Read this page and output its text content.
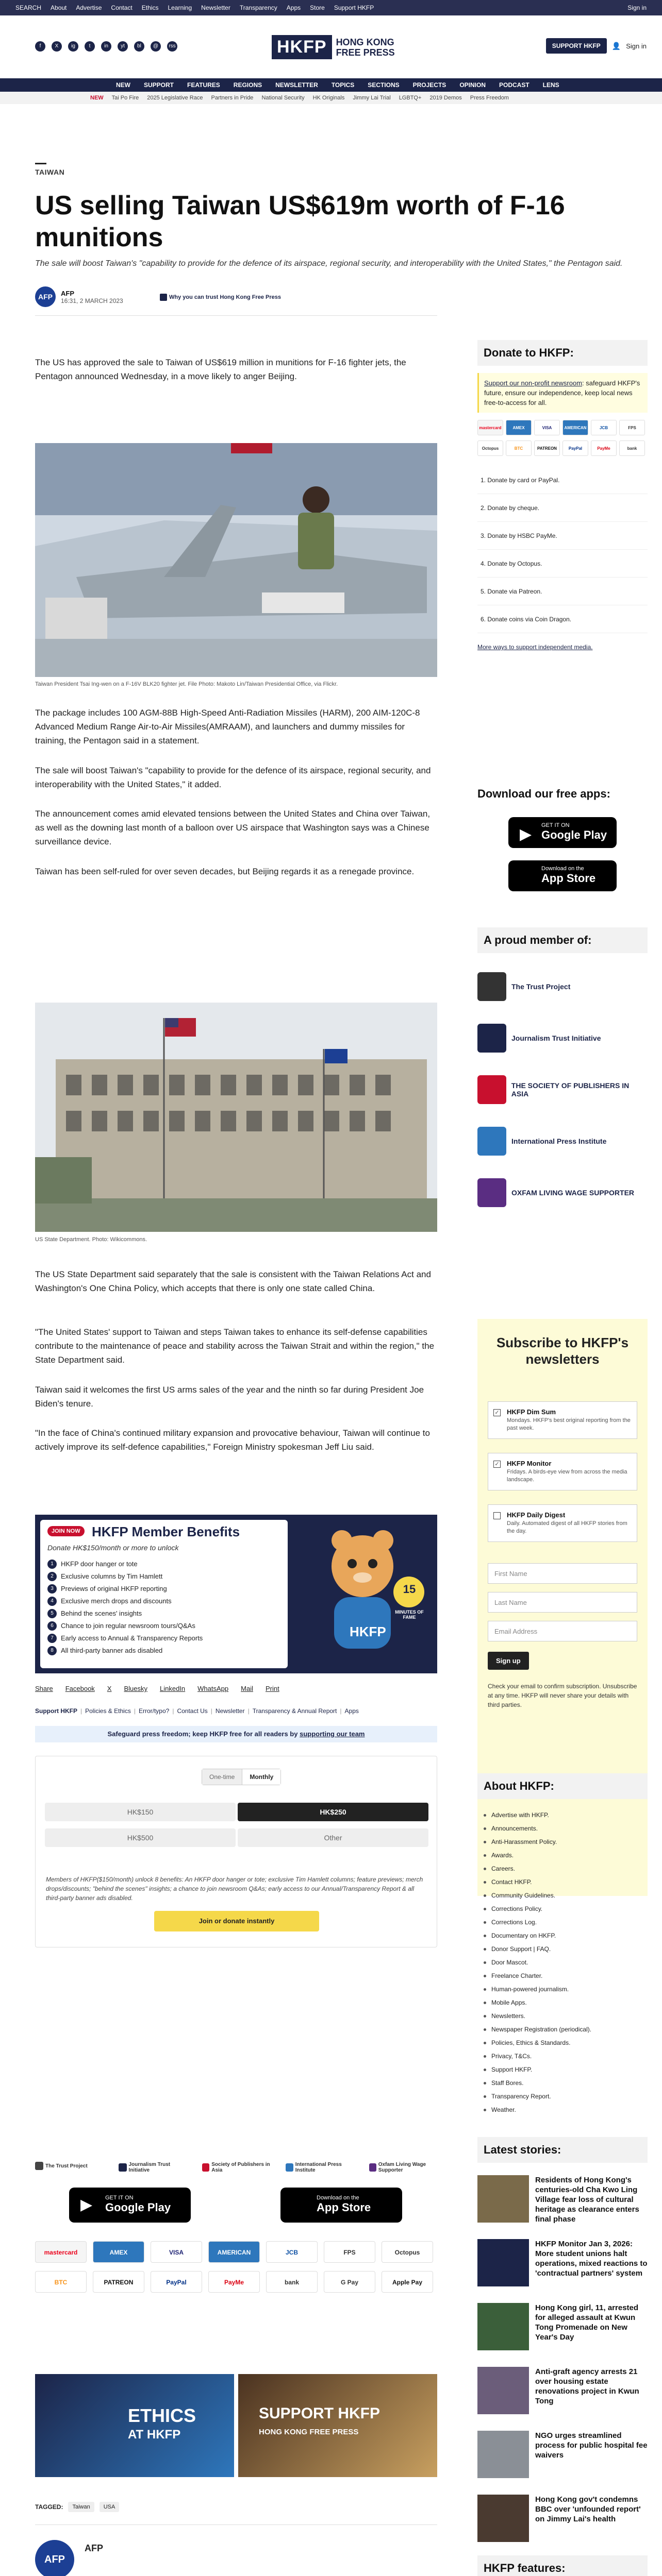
SEARCH About Advertise Contact Ethics Learning Newsletter Transparency Apps Store Support HKFP	Sign in
f	X	ig	t	in	yt	bl	@	rss	HKFP	HONG KONG
FREE PRESS
SUPPORT HKFP	👤 Sign in
NEW SUPPORT FEATURES REGIONS NEWSLETTER TOPICS SECTIONS PROJECTS OPINION PODCAST LENS
NEW Tai Po Fire 2025 Legislative Race Partners in Pride National Security HK Originals Jimmy Lai Trial LGBTQ+ 2019 Demos Press Freedom
TAIWAN
US selling Taiwan US$619m worth of F-16 munitions
The sale will boost Taiwan's "capability to provide for the defence of its airspace, regional security, and interoperability with the United States," the Pentagon said.
AFP	AFP
16:31, 2 MARCH 2023	Why you can trust Hong Kong Free Press
The US has approved the sale to Taiwan of US$619 million in munitions for F-16 fighter jets, the Pentagon announced Wednesday, in a move likely to anger Beijing.
Taiwan President Tsai Ing-wen on a F-16V BLK20 fighter jet. File Photo: Makoto Lin/Taiwan Presidential Office, via Flickr.
The package includes 100 AGM-88B High-Speed Anti-Radiation Missiles (HARM), 200 AIM-120C-8 Advanced Medium Range Air-to-Air Missiles(AMRAAM), and launchers and dummy missiles for training, the Pentagon said in a statement.
The sale will boost Taiwan's "capability to provide for the defence of its airspace, regional security, and interoperability with the United States," it added.
The announcement comes amid elevated tensions between the United States and China over Taiwan, as well as the downing last month of a balloon over US airspace that Washington says was a Chinese surveillance device.
Taiwan has been self-ruled for over seven decades, but Beijing regards it as a renegade province.
US State Department. Photo: Wikicommons.
The US State Department said separately that the sale is consistent with the Taiwan Relations Act and Washington's One China Policy, which accepts that there is only one state called China.
"The United States' support to Taiwan and steps Taiwan takes to enhance its self-defense capabilities contribute to the maintenance of peace and stability across the Taiwan Strait and within the region," the State Department said.
Taiwan said it welcomes the first US arms sales of the year and the ninth so far during President Joe Biden's tenure.
"In the face of China's continued military expansion and provocative behaviour, Taiwan will continue to actively improve its self-defence capabilities," Foreign Ministry spokesman Jeff Liu said.
JOIN NOW HKFP Member Benefits
Donate HK$150/month or more to unlock
1	HKFP door hanger or tote
2	Exclusive columns by Tim Hamlett
3	Previews of original HKFP reporting
4	Exclusive merch drops and discounts
5	Behind the scenes' insights
6	Chance to join regular newsroom tours/Q&As
7	Early access to Annual & Transparency Reports
8	All third-party banner ads disabled
15
MINUTES OF FAME
HKFP
Share Facebook X Bluesky LinkedIn WhatsApp Mail Print
Support HKFP | Policies & Ethics | Error/typo? | Contact Us | Newsletter | Transparency & Annual Report | Apps
Safeguard press freedom; keep HKFP free for all readers by supporting our team
One-time	Monthly
HK$150	HK$250
HK$500	Other
Members of HKFP($150/month) unlock 8 benefits: An HKFP door hanger or tote; exclusive Tim Hamlett columns; feature previews; merch drops/discounts; "behind the scenes" insights; a chance to join newsroom Q&As; early access to our Annual/Transparency Report & all third-party banner ads disabled.
Join or donate instantly
The Trust Project	Journalism Trust Initiative
Society of Publishers in Asia
International Press Institute
Oxfam Living Wage Supporter
▶ GET IT ON
Google Play
Download on the
App Store
mastercard	AMEX	VISA	AMERICAN	JCB	FPS	Octopus
BTC	PATREON	PayPal	PayMe	bank	G Pay	Apple Pay
ETHICS
AT HKFP
SUPPORT HKFP
HONG KONG FREE PRESS
TAGGED:	Taiwan	USA
AFP
AFP
Donate to HKFP:
Support our non-profit newsroom: safeguard HKFP's future, ensure our independence, keep local news free-to-access for all.
mastercard	AMEX	VISA	AMERICAN	JCB	FPS
Octopus	BTC	PATREON	PayPal	PayMe	bank
1. Donate by card or PayPal.
2. Donate by cheque.
3. Donate by HSBC PayMe.
4. Donate by Octopus.
5. Donate via Patreon.
6. Donate coins via Coin Dragon.
More ways to support independent media.
Download our free apps:
▶
GET IT ON
Google Play
Download on the
App Store
A proud member of:
The Trust Project
Journalism Trust Initiative
THE SOCIETY OF PUBLISHERS IN ASIA
International Press Institute
OXFAM LIVING WAGE SUPPORTER
Subscribe to HKFP's newsletters
✓ HKFP Dim Sum
Mondays. HKFP's best original reporting from the past week.
✓ HKFP Monitor
Fridays. A birds-eye view from across the media landscape.
HKFP Daily Digest
Daily. Automated digest of all HKFP stories from the day.
First Name
Last Name
Email Address
Sign up
Check your email to confirm subscription. Unsubscribe at any time. HKFP will never share your details with third parties.
About HKFP:
Advertise with HKFP.
Announcements.
Anti-Harassment Policy.
Awards.
Careers.
Contact HKFP.
Community Guidelines.
Corrections Policy.
Corrections Log.
Documentary on HKFP.
Donor Support | FAQ.
Door Mascot.
Freelance Charter.
Human-powered journalism.
Mobile Apps.
Newsletters.
Newspaper Registration (periodical).
Policies, Ethics & Standards.
Privacy, T&Cs.
Support HKFP.
Staff Bores.
Transparency Report.
Weather.
Latest stories:
Residents of Hong Kong's centuries-old Cha Kwo Ling Village fear loss of cultural heritage as clearance enters final phase
HKFP Monitor Jan 3, 2026: More student unions halt operations, mixed reactions to 'contractual partners' system
Hong Kong girl, 11, arrested for alleged assault at Kwun Tong Promenade on New Year's Day
Anti-graft agency arrests 21 over housing estate renovations project in Kwun Tong
NGO urges streamlined process for public hospital fee waivers
Hong Kong gov't condemns BBC over 'unfounded report' on Jimmy Lai's health
HKFP features:
